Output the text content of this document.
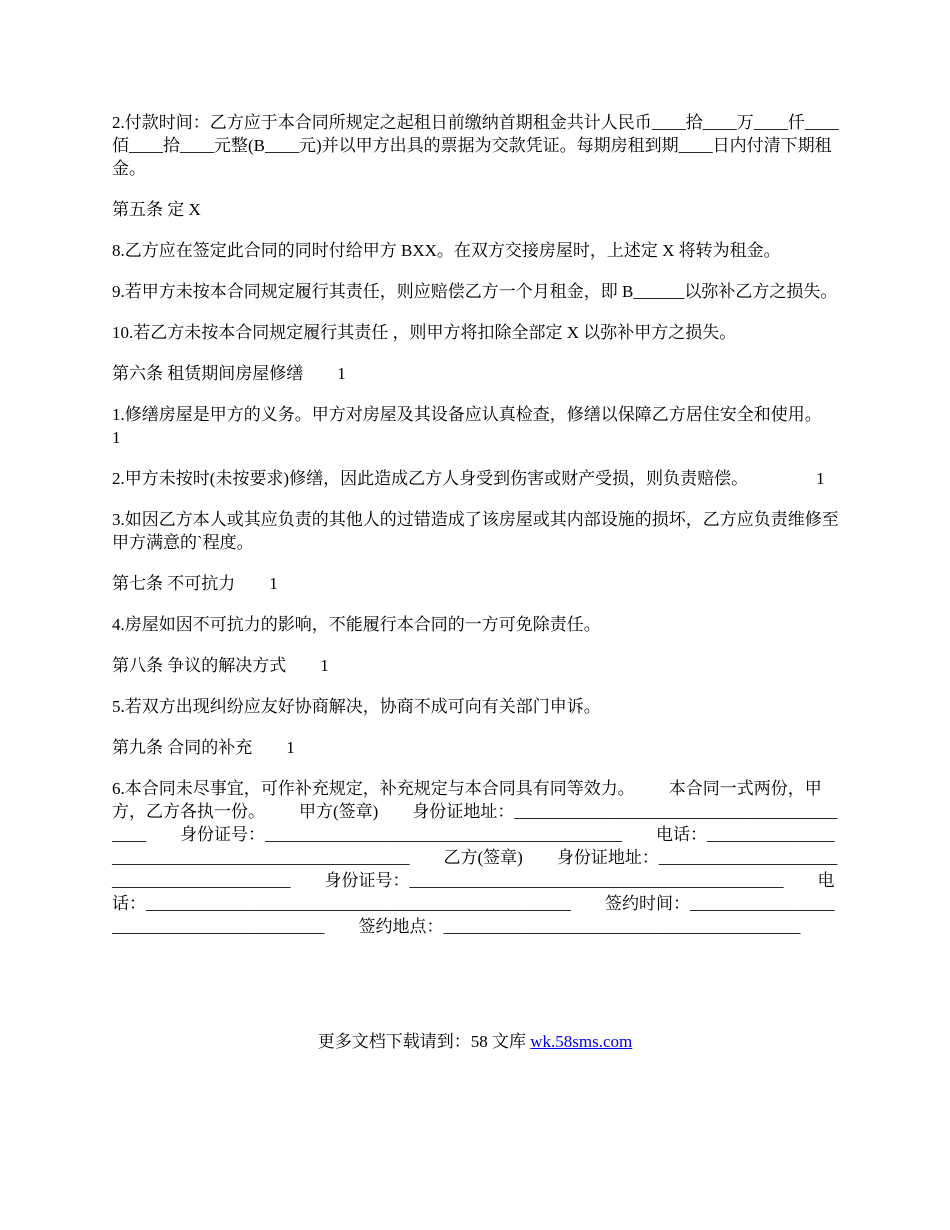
2.付款时间：乙方应于本合同所规定之起租日前缴纳首期租金共计人民币____拾____万____仟____佰____拾____元整(B____元)并以甲方出具的票据为交款凭证。每期房租到期____日内付清下期租金。

第五条 定 X

8.乙方应在签定此合同的同时付给甲方 BXX。在双方交接房屋时，上述定 X 将转为租金。

9.若甲方未按本合同规定履行其责任，则应赔偿乙方一个月租金，即 B______以弥补乙方之损失。

10.若乙方未按本合同规定履行其责任 ，则甲方将扣除全部定 X 以弥补甲方之损失。

第六条 租赁期间房屋修缮        1

1.修缮房屋是甲方的义务。甲方对房屋及其设备应认真检查，修缮以保障乙方居住安全和使用。        1

2.甲方未按时(未按要求)修缮，因此造成乙方人身受到伤害或财产受损，则负责赔偿。                1

3.如因乙方本人或其应负责的其他人的过错造成了该房屋或其内部设施的损坏，乙方应负责维修至甲方满意的`程度。

第七条 不可抗力        1

4.房屋如因不可抗力的影响，不能履行本合同的一方可免除责任。

第八条 争议的解决方式        1

5.若双方出现纠纷应友好协商解决，协商不成可向有关部门申诉。

第九条 合同的补充        1

6.本合同未尽事宜，可作补充规定，补充规定与本合同具有同等效力。        本合同一式两份，甲方，乙方各执一份。        甲方(签章)        身份证地址：__________________________________________        身份证号：__________________________________________        电话：__________________________________________________        乙方(签章)        身份证地址：__________________________________________        身份证号：____________________________________________        电话：__________________________________________________        签约时间：__________________________________________        签约地点：__________________________________________

更多文档下载请到：58 文库 wk.58sms.com
